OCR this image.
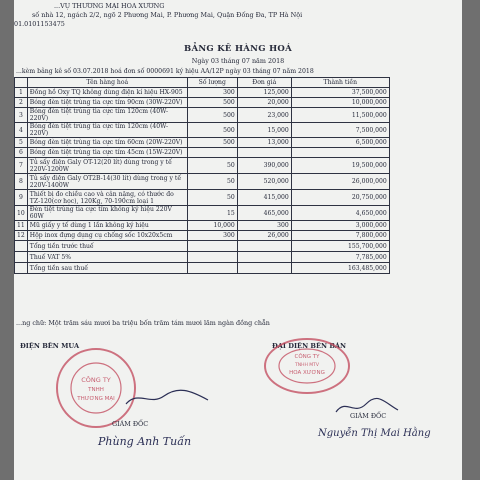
...VỤ THƯƠNG MẠI HOA XƯƠNG
số nhà 12, ngách 2/2, ngõ 2 Phương Mai, P. Phương Mai, Quận Đống Đa, TP Hà Nội
01.0101153475
BẢNG KÊ HÀNG HOÁ
Ngày 03 tháng 07 năm 2018
...kèm bảng kê số 03.07.2018 hoá đơn số 0000691 ký hiệu AA/12P ngày 03 tháng 07 năm 2018
	Tên hàng hoá	Số lượng	Đơn giá	Thành tiền
1	Đồng hồ Oxy TQ không dùng điện kí hiệu HX-905	300	125,000	37,500,000
2	Bóng đèn tiệt trùng tia cực tím 90cm (30W-220V)	500	20,000	10,000,000
3	Bóng đèn tiệt trùng tia cực tím 120cm (40W-220V)	500	23,000	11,500,000
4	Bóng đèn tiệt trùng tia cực tím 120cm (40W-220V)	500	15,000	7,500,000
5	Bóng đèn tiệt trùng tia cực tím 60cm (20W-220V)	500	13,000	6,500,000
6	Bóng đèn tiệt trùng tia cực tím 45cm (15W-220V)			
7	Tủ sấy điện Galy OT-12(20 lít) dùng trong y tế 220V-1200W	50	390,000	19,500,000
8	Tủ sấy điện Galy OT2B-14(30 lít) dùng trong y tế 220V-1400W	50	520,000	26,000,000
9	Thiết bị đo chiều cao và cân nặng, có thước đo TZ-120(cơ học), 120Kg, 70-190cm loại 1	50	415,000	20,750,000
10	Đèn tiệt trùng tia cực tím không ký hiệu 220V 60W	15	465,000	4,650,000
11	Mũ giấy y tế dùng 1 lần không ký hiệu	10,000	300	3,000,000
12	Hộp inox đựng dụng cụ chống sốc 10x20x5cm	300	26,000	7,800,000
	Tổng tiền trước thuế			155,700,000
	Thuế VAT 5%			7,785,000
	Tổng tiền sau thuế			163,485,000
...ng chữ: Một trăm sáu mươi ba triệu bốn trăm tám mươi lăm ngàn đồng chẵn
ĐIỆN BÊN MUA	ĐẠI DIỆN BÊN BÁN
CÔNG TY
TNHH
THƯƠNG MẠI
CÔNG TY
TNHH MTV
HOA XƯƠNG
GIÁM ĐỐC
GIÁM ĐỐC
Phùng Anh Tuấn
Nguyễn Thị Mai Hằng
